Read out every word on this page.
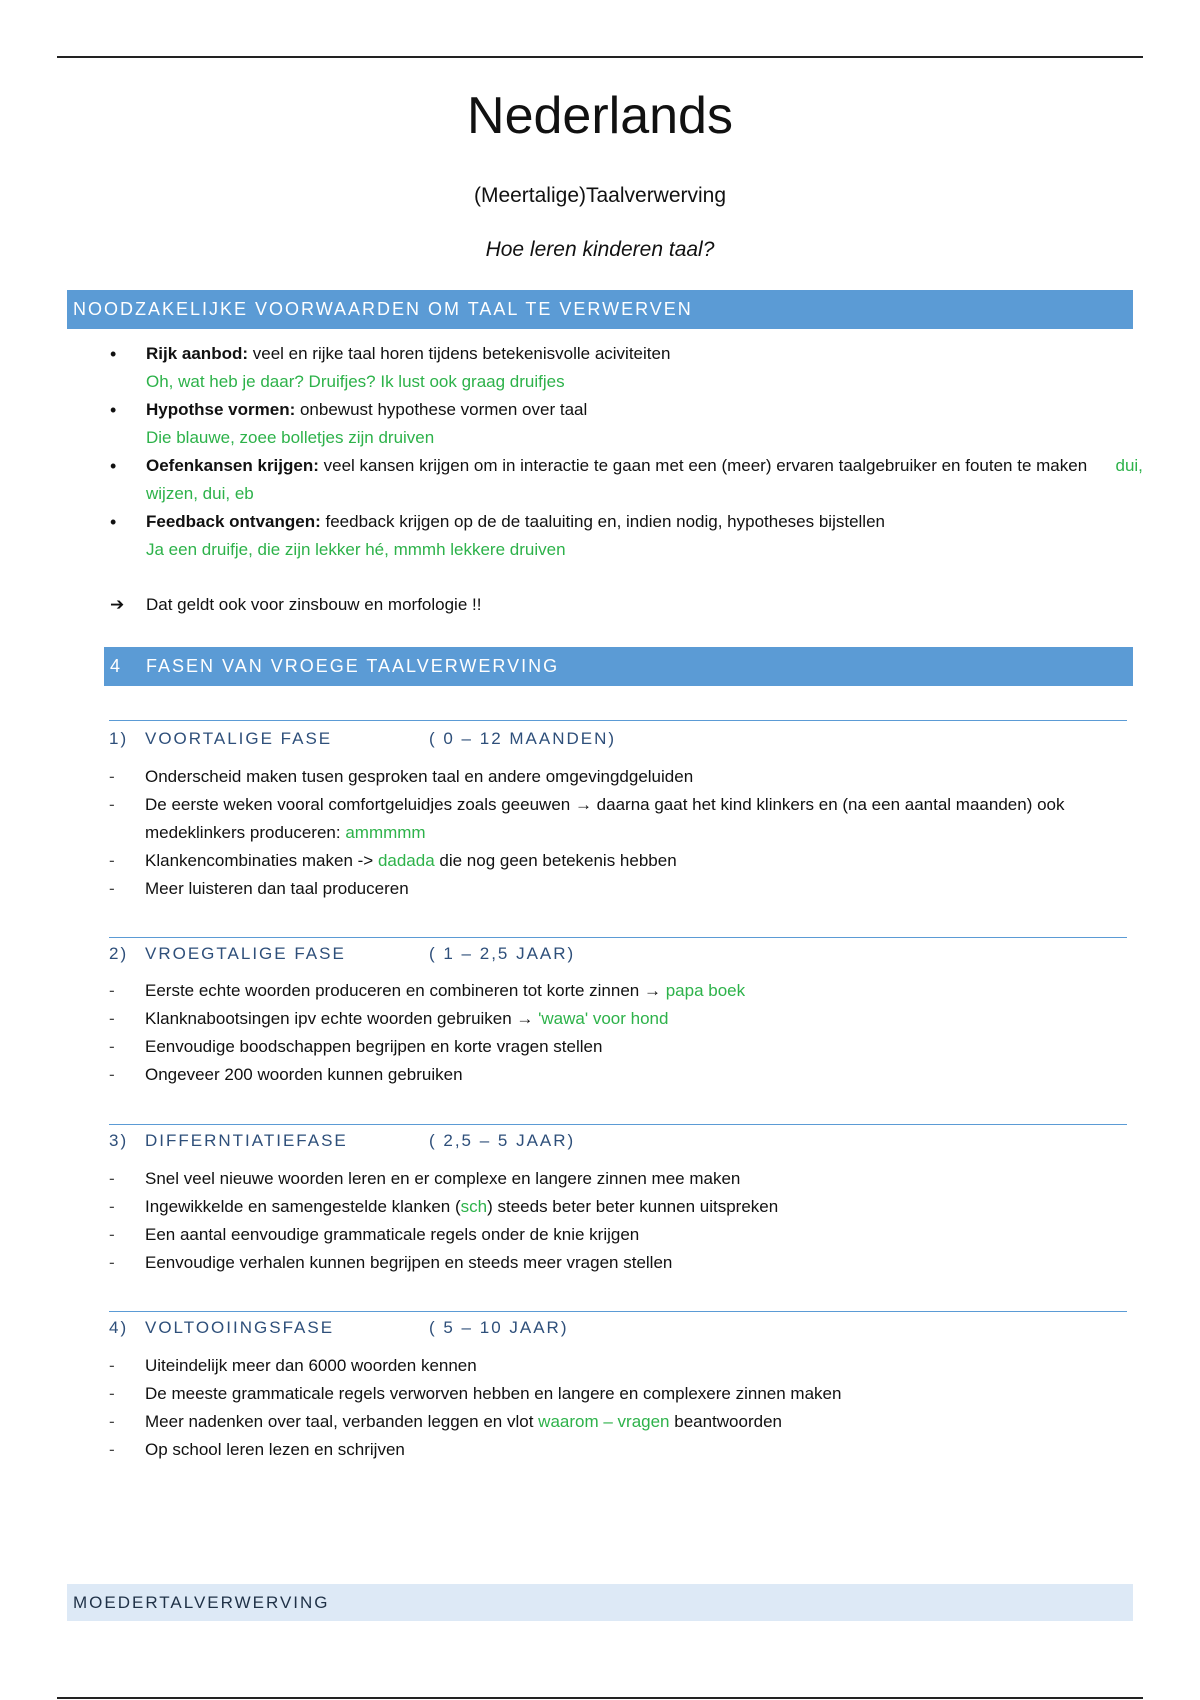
Nederlands
(Meertalige)Taalverwerving
Hoe leren kinderen taal?
NOODZAKELIJKE VOORWAARDEN OM TAAL TE VERWERVEN
• Rijk aanbod: veel en rijke taal horen tijdens betekenisvolle aciviteiten
Oh, wat heb je daar? Druifjes? Ik lust ook graag druifjes
• Hypothse vormen: onbewust hypothese vormen over taal
Die blauwe, zoee bolletjes zijn druiven
• Oefenkansen krijgen: veel kansen krijgen om in interactie te gaan met een (meer) ervaren taalgebruiker en fouten te maken dui, wijzen, dui, eb
• Feedback ontvangen: feedback krijgen op de de taaluiting en, indien nodig, hypotheses bijstellen
Ja een druifje, die zijn lekker hé, mmmh lekkere druiven
➔ Dat geldt ook voor zinsbouw en morfologie !!
4 FASEN VAN VROEGE TAALVERWERVING
1) VOORTALIGE FASE	( 0 – 12 MAANDEN)
- Onderscheid maken tusen gesproken taal en andere omgevingdgeluiden
- De eerste weken vooral comfortgeluidjes zoals geeuwen → daarna gaat het kind klinkers en (na een aantal maanden) ook medeklinkers produceren: ammmmm
- Klankencombinaties maken -> dadada die nog geen betekenis hebben
- Meer luisteren dan taal produceren
2) VROEGTALIGE FASE	( 1 – 2,5 JAAR)
- Eerste echte woorden produceren en combineren tot korte zinnen → papa boek
- Klanknabootsingen ipv echte woorden gebruiken → 'wawa' voor hond
- Eenvoudige boodschappen begrijpen en korte vragen stellen
- Ongeveer 200 woorden kunnen gebruiken
3) DIFFERNTIATIEFASE	( 2,5 – 5 JAAR)
- Snel veel nieuwe woorden leren en er complexe en langere zinnen mee maken
- Ingewikkelde en samengestelde klanken (sch) steeds beter beter kunnen uitspreken
- Een aantal eenvoudige grammaticale regels onder de knie krijgen
- Eenvoudige verhalen kunnen begrijpen en steeds meer vragen stellen
4) VOLTOOIINGSFASE	( 5 – 10 JAAR)
- Uiteindelijk meer dan 6000 woorden kennen
- De meeste grammaticale regels verworven hebben en langere en complexere zinnen maken
- Meer nadenken over taal, verbanden leggen en vlot waarom – vragen beantwoorden
- Op school leren lezen en schrijven
MOEDERTALVERWERVING
